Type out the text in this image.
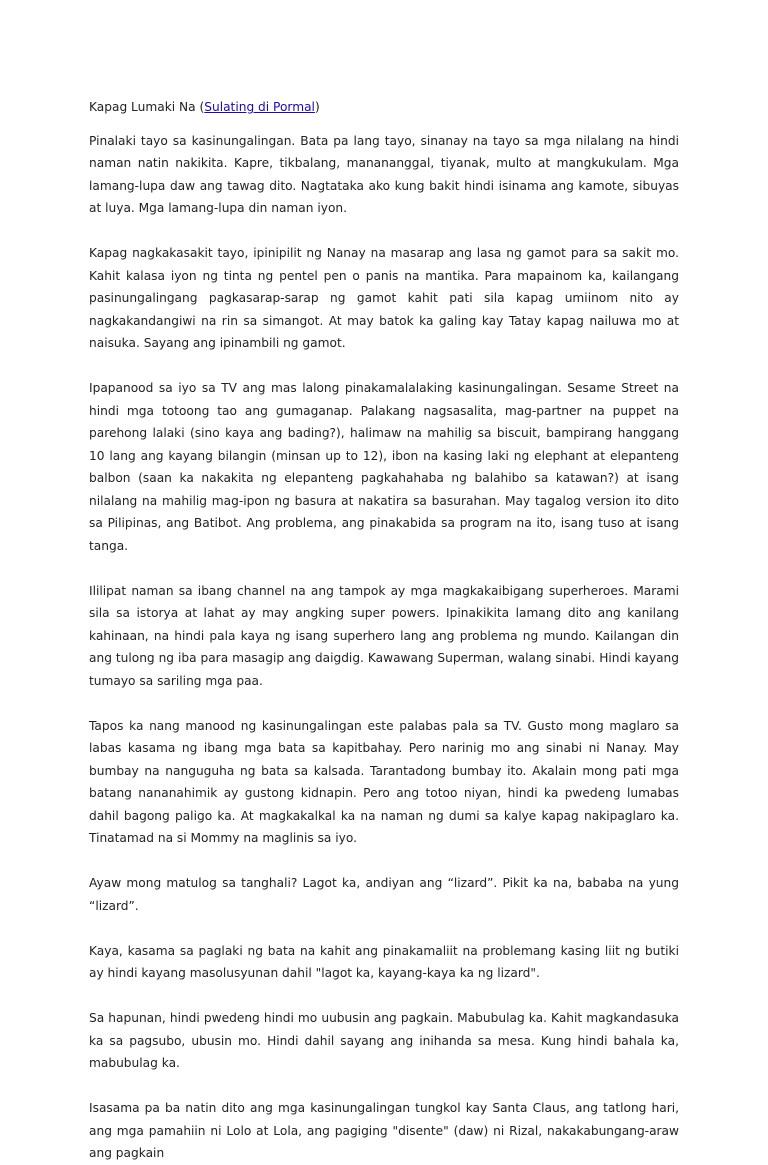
Kapag Lumaki Na (Sulating di Pormal)

Pinalaki tayo sa kasinungalingan. Bata pa lang tayo, sinanay na tayo sa mga nilalang na hindi naman natin nakikita. Kapre, tikbalang, manananggal, tiyanak, multo at mangkukulam. Mga lamang-lupa daw ang tawag dito. Nagtataka ako kung bakit hindi isinama ang kamote, sibuyas at luya. Mga lamang-lupa din naman iyon.

Kapag nagkakasakit tayo, ipinipilit ng Nanay na masarap ang lasa ng gamot para sa sakit mo. Kahit kalasa iyon ng tinta ng pentel pen o panis na mantika. Para mapainom ka, kailangang pasinungalingang pagkasarap-sarap ng gamot kahit pati sila kapag umiinom nito ay nagkakandangiwi na rin sa simangot. At may batok ka galing kay Tatay kapag nailuwa mo at naisuka. Sayang ang ipinambili ng gamot.

Ipapanood sa iyo sa TV ang mas lalong pinakamalalaking kasinungalingan. Sesame Street na hindi mga totoong tao ang gumaganap. Palakang nagsasalita, mag-partner na puppet na parehong lalaki (sino kaya ang bading?), halimaw na mahilig sa biscuit, bampirang hanggang 10 lang ang kayang bilangin (minsan up to 12), ibon na kasing laki ng elephant at elepanteng balbon (saan ka nakakita ng elepanteng pagkahahaba ng balahibo sa katawan?) at isang nilalang na mahilig mag-ipon ng basura at nakatira sa basurahan. May tagalog version ito dito sa Pilipinas, ang Batibot. Ang problema, ang pinakabida sa program na ito, isang tuso at isang tanga.

Ililipat naman sa ibang channel na ang tampok ay mga magkakaibigang superheroes. Marami sila sa istorya at lahat ay may angking super powers. Ipinakikita lamang dito ang kanilang kahinaan, na hindi pala kaya ng isang superhero lang ang problema ng mundo. Kailangan din ang tulong ng iba para masagip ang daigdig. Kawawang Superman, walang sinabi. Hindi kayang tumayo sa sariling mga paa.

Tapos ka nang manood ng kasinungalingan este palabas pala sa TV. Gusto mong maglaro sa labas kasama ng ibang mga bata sa kapitbahay. Pero narinig mo ang sinabi ni Nanay. May bumbay na nanguguha ng bata sa kalsada. Tarantadong bumbay ito. Akalain mong pati mga batang nananahimik ay gustong kidnapin. Pero ang totoo niyan, hindi ka pwedeng lumabas dahil bagong paligo ka. At magkakalkal ka na naman ng dumi sa kalye kapag nakipaglaro ka. Tinatamad na si Mommy na maglinis sa iyo.

Ayaw mong matulog sa tanghali? Lagot ka, andiyan ang “lizard”. Pikit ka na, bababa na yung “lizard”.

Kaya, kasama sa paglaki ng bata na kahit ang pinakamaliit na problemang kasing liit ng butiki ay hindi kayang masolusyunan dahil "lagot ka, kayang-kaya ka ng lizard".

Sa hapunan, hindi pwedeng hindi mo uubusin ang pagkain. Mabubulag ka. Kahit magkandasuka ka sa pagsubo, ubusin mo. Hindi dahil sayang ang inihanda sa mesa. Kung hindi bahala ka, mabubulag ka.

Isasama pa ba natin dito ang mga kasinungalingan tungkol kay Santa Claus, ang tatlong hari, ang mga pamahiin ni Lolo at Lola, ang pagiging "disente" (daw) ni Rizal, nakakabungang-araw ang pagkain
